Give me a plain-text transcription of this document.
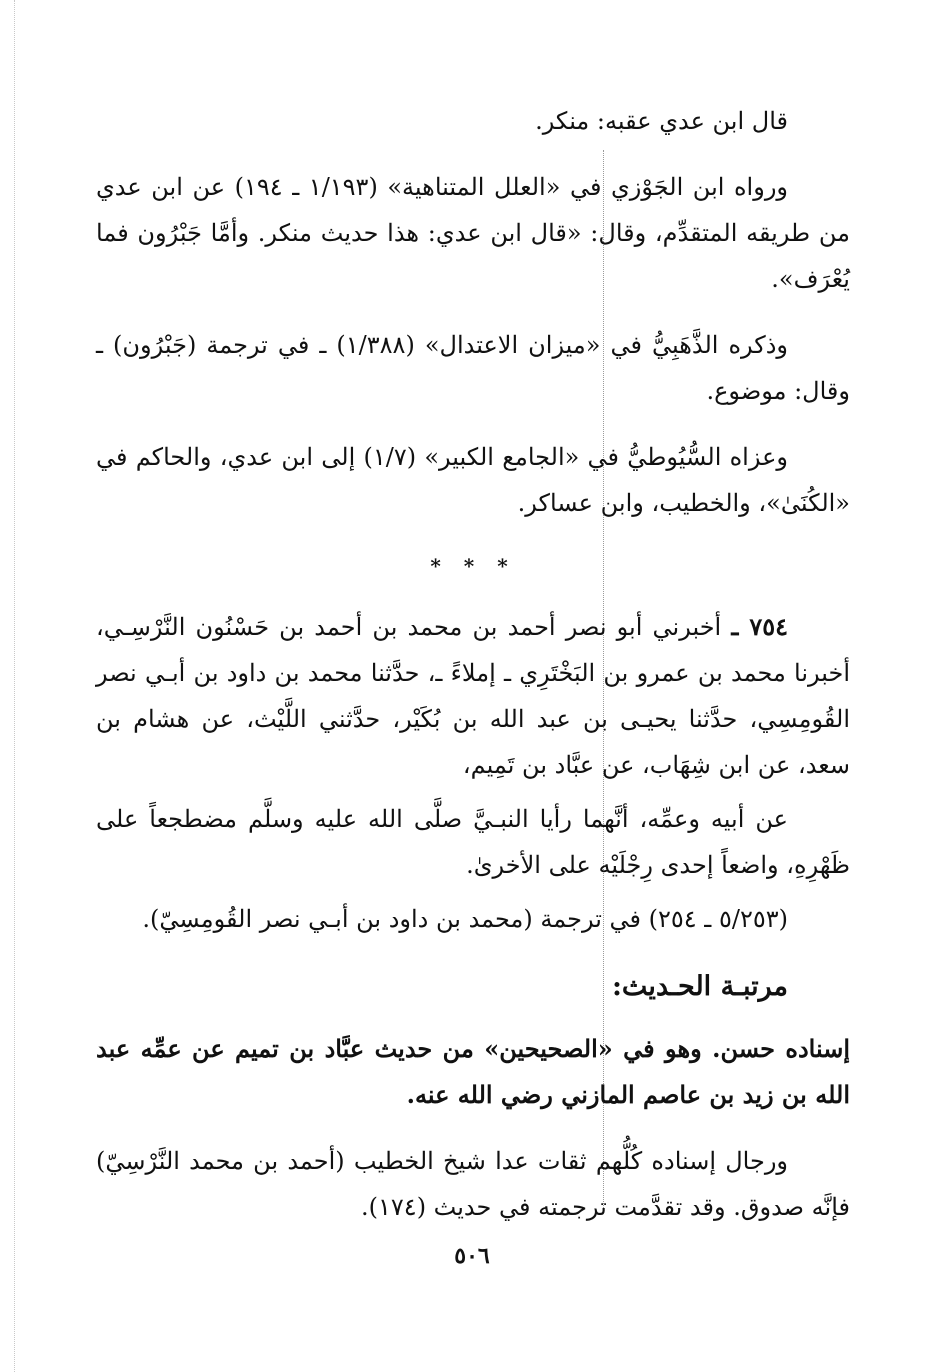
قال ابن عدي عقبه: منكر.

ورواه ابن الجَوْزي في «العلل المتناهية» (١/١٩٣ ـ ١٩٤) عن ابن عدي من طريقه المتقدِّم، وقال: «قال ابن عدي: هذا حديث منكر. وأمَّا جَبْرُون فما يُعْرَف».

وذكره الذَّهَبِيُّ في «ميزان الاعتدال» (١/٣٨٨) ـ في ترجمة (جَبْرُون) ـ وقال: موضوع.

وعزاه السُّيُوطيُّ في «الجامع الكبير» (١/٧) إلى ابن عدي، والحاكم في «الكُنَىٰ»، والخطيب، وابن عساكر.

* * *

٧٥٤ ـ أخبرني أبو نصر أحمد بن محمد بن أحمد بن حَسْنُون النَّرْسِـي، أخبرنا محمد بن عمرو بن البَخْتَرِي ـ إملاءً ـ، حدَّثنا محمد بن داود بن أبـي نصر القُومِسِي، حدَّثنا يحيـى بن عبد الله بن بُكَيْر، حدَّثني اللَّيْث، عن هشام بن سعد، عن ابن شِهَاب، عن عبَّاد بن تَمِيم،

عن أبيه وعمِّه، أنَّهما رأيا النبـيَّ صلَّى الله عليه وسلَّم مضطجعاً على ظَهْرِهِ، واضعاً إحدى رِجْلَيْه على الأخرىٰ.

(٥/٢٥٣ ـ ٢٥٤) في ترجمة (محمد بن داود بن أبـي نصر القُومِسِيّ).

مرتبـة الحـديث:

إسناده حسن. وهو في «الصحيحين» من حديث عبَّاد بن تميم عن عمِّه عبد الله بن زيد بن عاصم المازني رضي الله عنه.

ورجال إسناده كُلُّهم ثقات عدا شيخ الخطيب (أحمد بن محمد النَّرْسِيّ) فإنَّه صدوق. وقد تقدَّمت ترجمته في حديث (١٧٤).

٥٠٦
